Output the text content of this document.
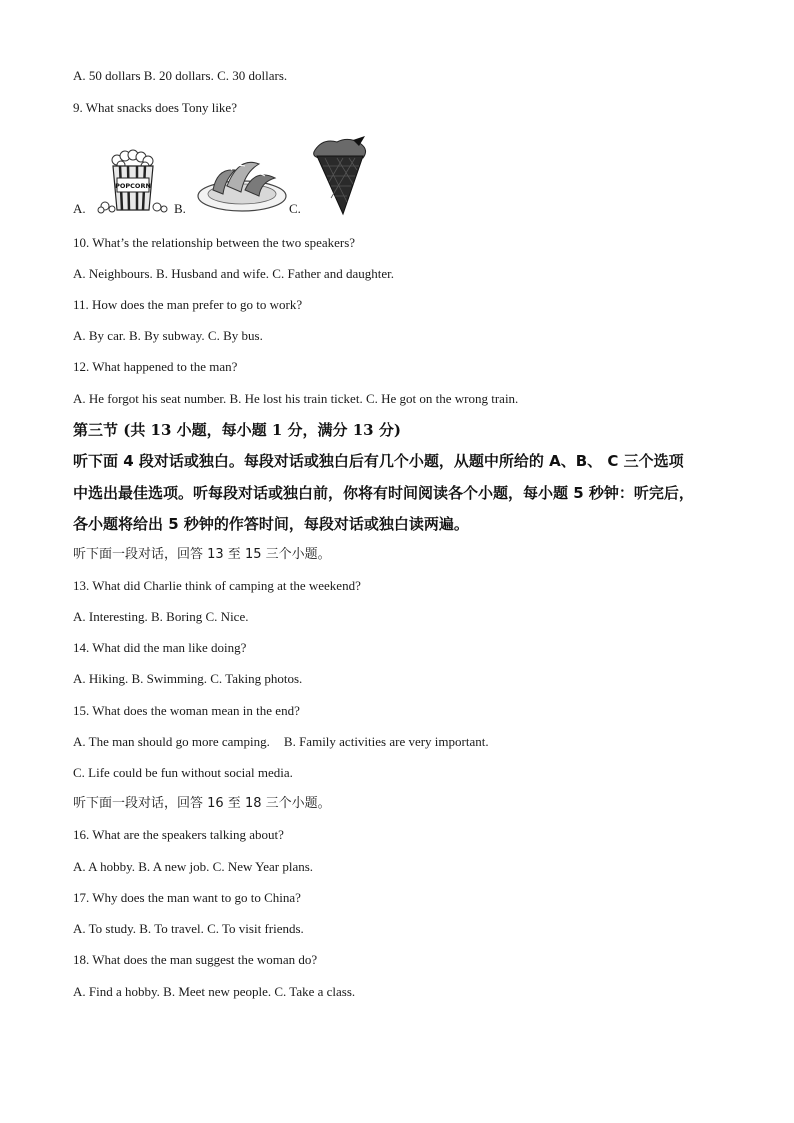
A. 50 dollars B. 20 dollars. C. 30 dollars.
9. What snacks does Tony like?
A.
POPCORN
B.	C.
10. What’s the relationship between the two speakers?
A. Neighbours. B. Husband and wife. C. Father and daughter.
11. How does the man prefer to go to work?
A. By car. B. By subway. C. By bus.
12. What happened to the man?
A. He forgot his seat number. B. He lost his train ticket. C. He got on the wrong train.
第三节 (共 13 小题，每小题 1 分，满分 13 分)
听下面 4 段对话或独白。每段对话或独白后有几个小题，从题中所给的 A、B、 C 三个选项
中选出最佳选项。听每段对话或独白前，你将有时间阅读各个小题，每小题 5 秒钟：听完后，
各小题将给出 5 秒钟的作答时间，每段对话或独白读两遍。
听下面一段对话，回答 13 至 15 三个小题。
13. What did Charlie think of camping at the weekend?
A. Interesting. B. Boring C. Nice.
14. What did the man like doing?
A. Hiking. B. Swimming. C. Taking photos.
15. What does the woman mean in the end?
A. The man should go more camping. B. Family activities are very important.
C. Life could be fun without social media.
听下面一段对话，回答 16 至 18 三个小题。
16. What are the speakers talking about?
A. A hobby. B. A new job. C. New Year plans.
17. Why does the man want to go to China?
A. To study. B. To travel. C. To visit friends.
18. What does the man suggest the woman do?
A. Find a hobby. B. Meet new people. C. Take a class.
